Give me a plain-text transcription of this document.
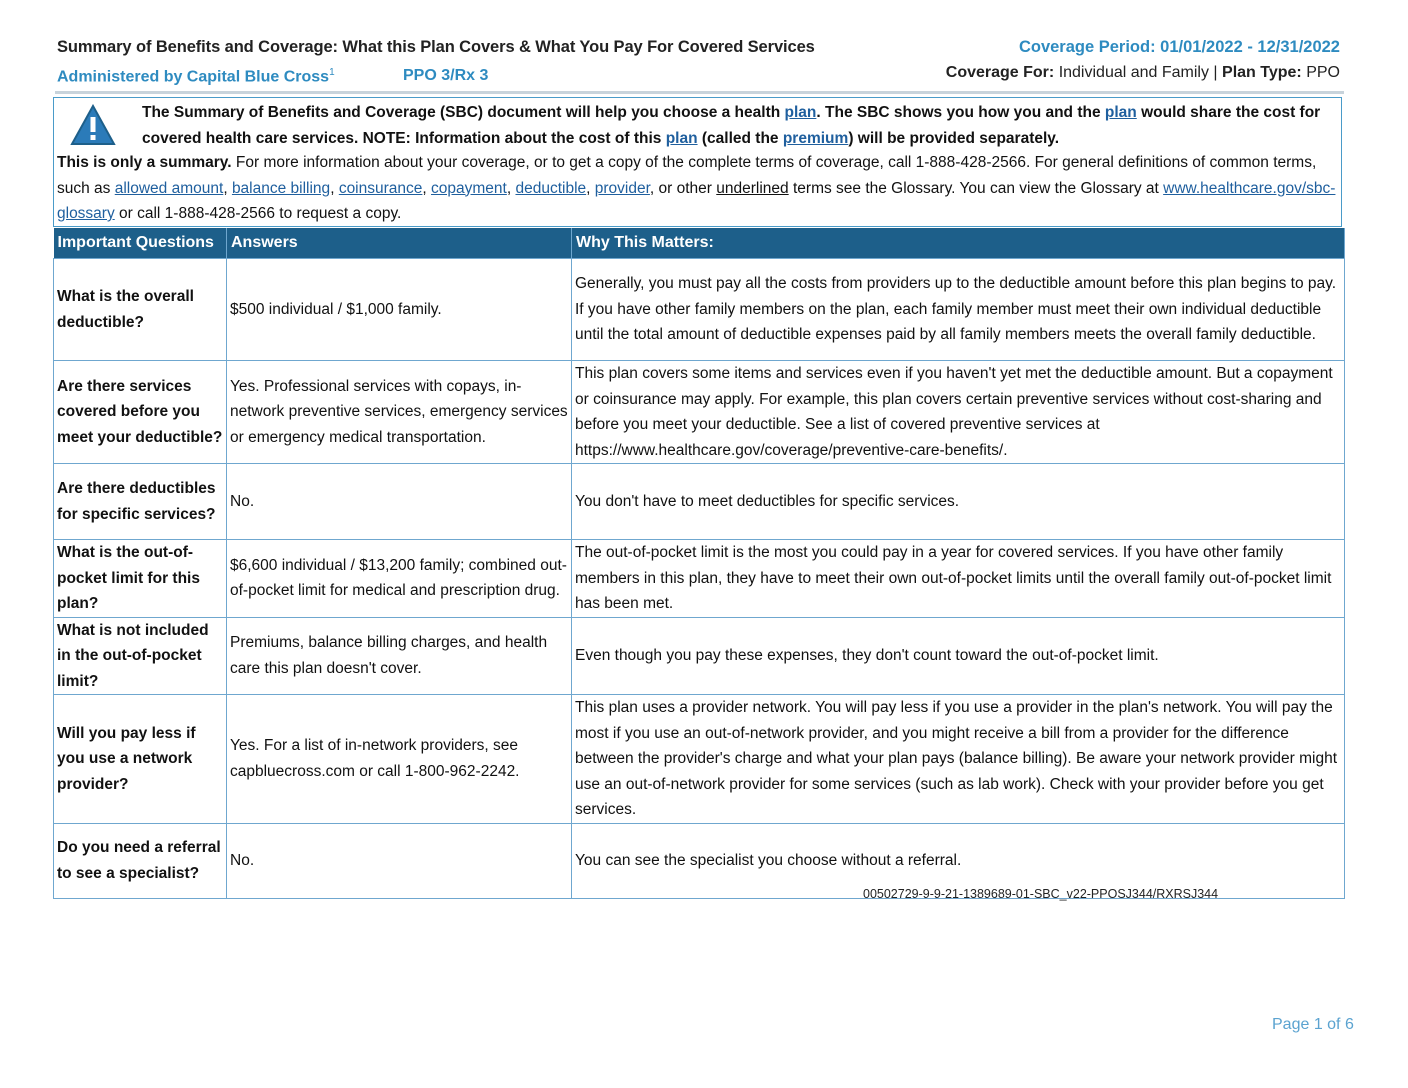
Summary of Benefits and Coverage: What this Plan Covers & What You Pay For Covered Services
Administered by Capital Blue Cross$^1$	PPO 3/Rx 3
Coverage Period: 01/01/2022 - 12/31/2022
Coverage For: Individual and Family | Plan Type: PPO
The Summary of Benefits and Coverage (SBC) document will help you choose a health plan. The SBC shows you how you and the plan would share the cost for covered health care services. NOTE: Information about the cost of this plan (called the premium) will be provided separately.
This is only a summary. For more information about your coverage, or to get a copy of the complete terms of coverage, call 1-888-428-2566. For general definitions of common terms, such as allowed amount, balance billing, coinsurance, copayment, deductible, provider, or other underlined terms see the Glossary. You can view the Glossary at www.healthcare.gov/sbc-glossary or call 1-888-428-2566 to request a copy.
Important Questions	Answers	Why This Matters:
What is the overall deductible?	$500 individual / $1,000 family.	Generally, you must pay all the costs from providers up to the deductible amount before this plan begins to pay. If you have other family members on the plan, each family member must meet their own individual deductible until the total amount of deductible expenses paid by all family members meets the overall family deductible.
Are there services covered before you meet your deductible?	Yes. Professional services with copays, in-network preventive services, emergency services or emergency medical transportation.	This plan covers some items and services even if you haven't yet met the deductible amount. But a copayment or coinsurance may apply. For example, this plan covers certain preventive services without cost-sharing and before you meet your deductible. See a list of covered preventive services at https://www.healthcare.gov/coverage/preventive-care-benefits/.
Are there deductibles for specific services?	No.	You don't have to meet deductibles for specific services.
What is the out-of-pocket limit for this plan?	$6,600 individual / $13,200 family; combined out-of-pocket limit for medical and prescription drug.	The out-of-pocket limit is the most you could pay in a year for covered services. If you have other family members in this plan, they have to meet their own out-of-pocket limits until the overall family out-of-pocket limit has been met.
What is not included in the out-of-pocket limit?	Premiums, balance billing charges, and health care this plan doesn't cover.	Even though you pay these expenses, they don't count toward the out-of-pocket limit.
Will you pay less if you use a network provider?	Yes. For a list of in-network providers, see capbluecross.com or call 1-800-962-2242.	This plan uses a provider network. You will pay less if you use a provider in the plan's network. You will pay the most if you use an out-of-network provider, and you might receive a bill from a provider for the difference between the provider's charge and what your plan pays (balance billing). Be aware your network provider might use an out-of-network provider for some services (such as lab work). Check with your provider before you get services.
Do you need a referral to see a specialist?	No.	You can see the specialist you choose without a referral.
00502729-9-9-21-1389689-01-SBC_v22-PPOSJ344/RXRSJ344
Page 1 of 6
